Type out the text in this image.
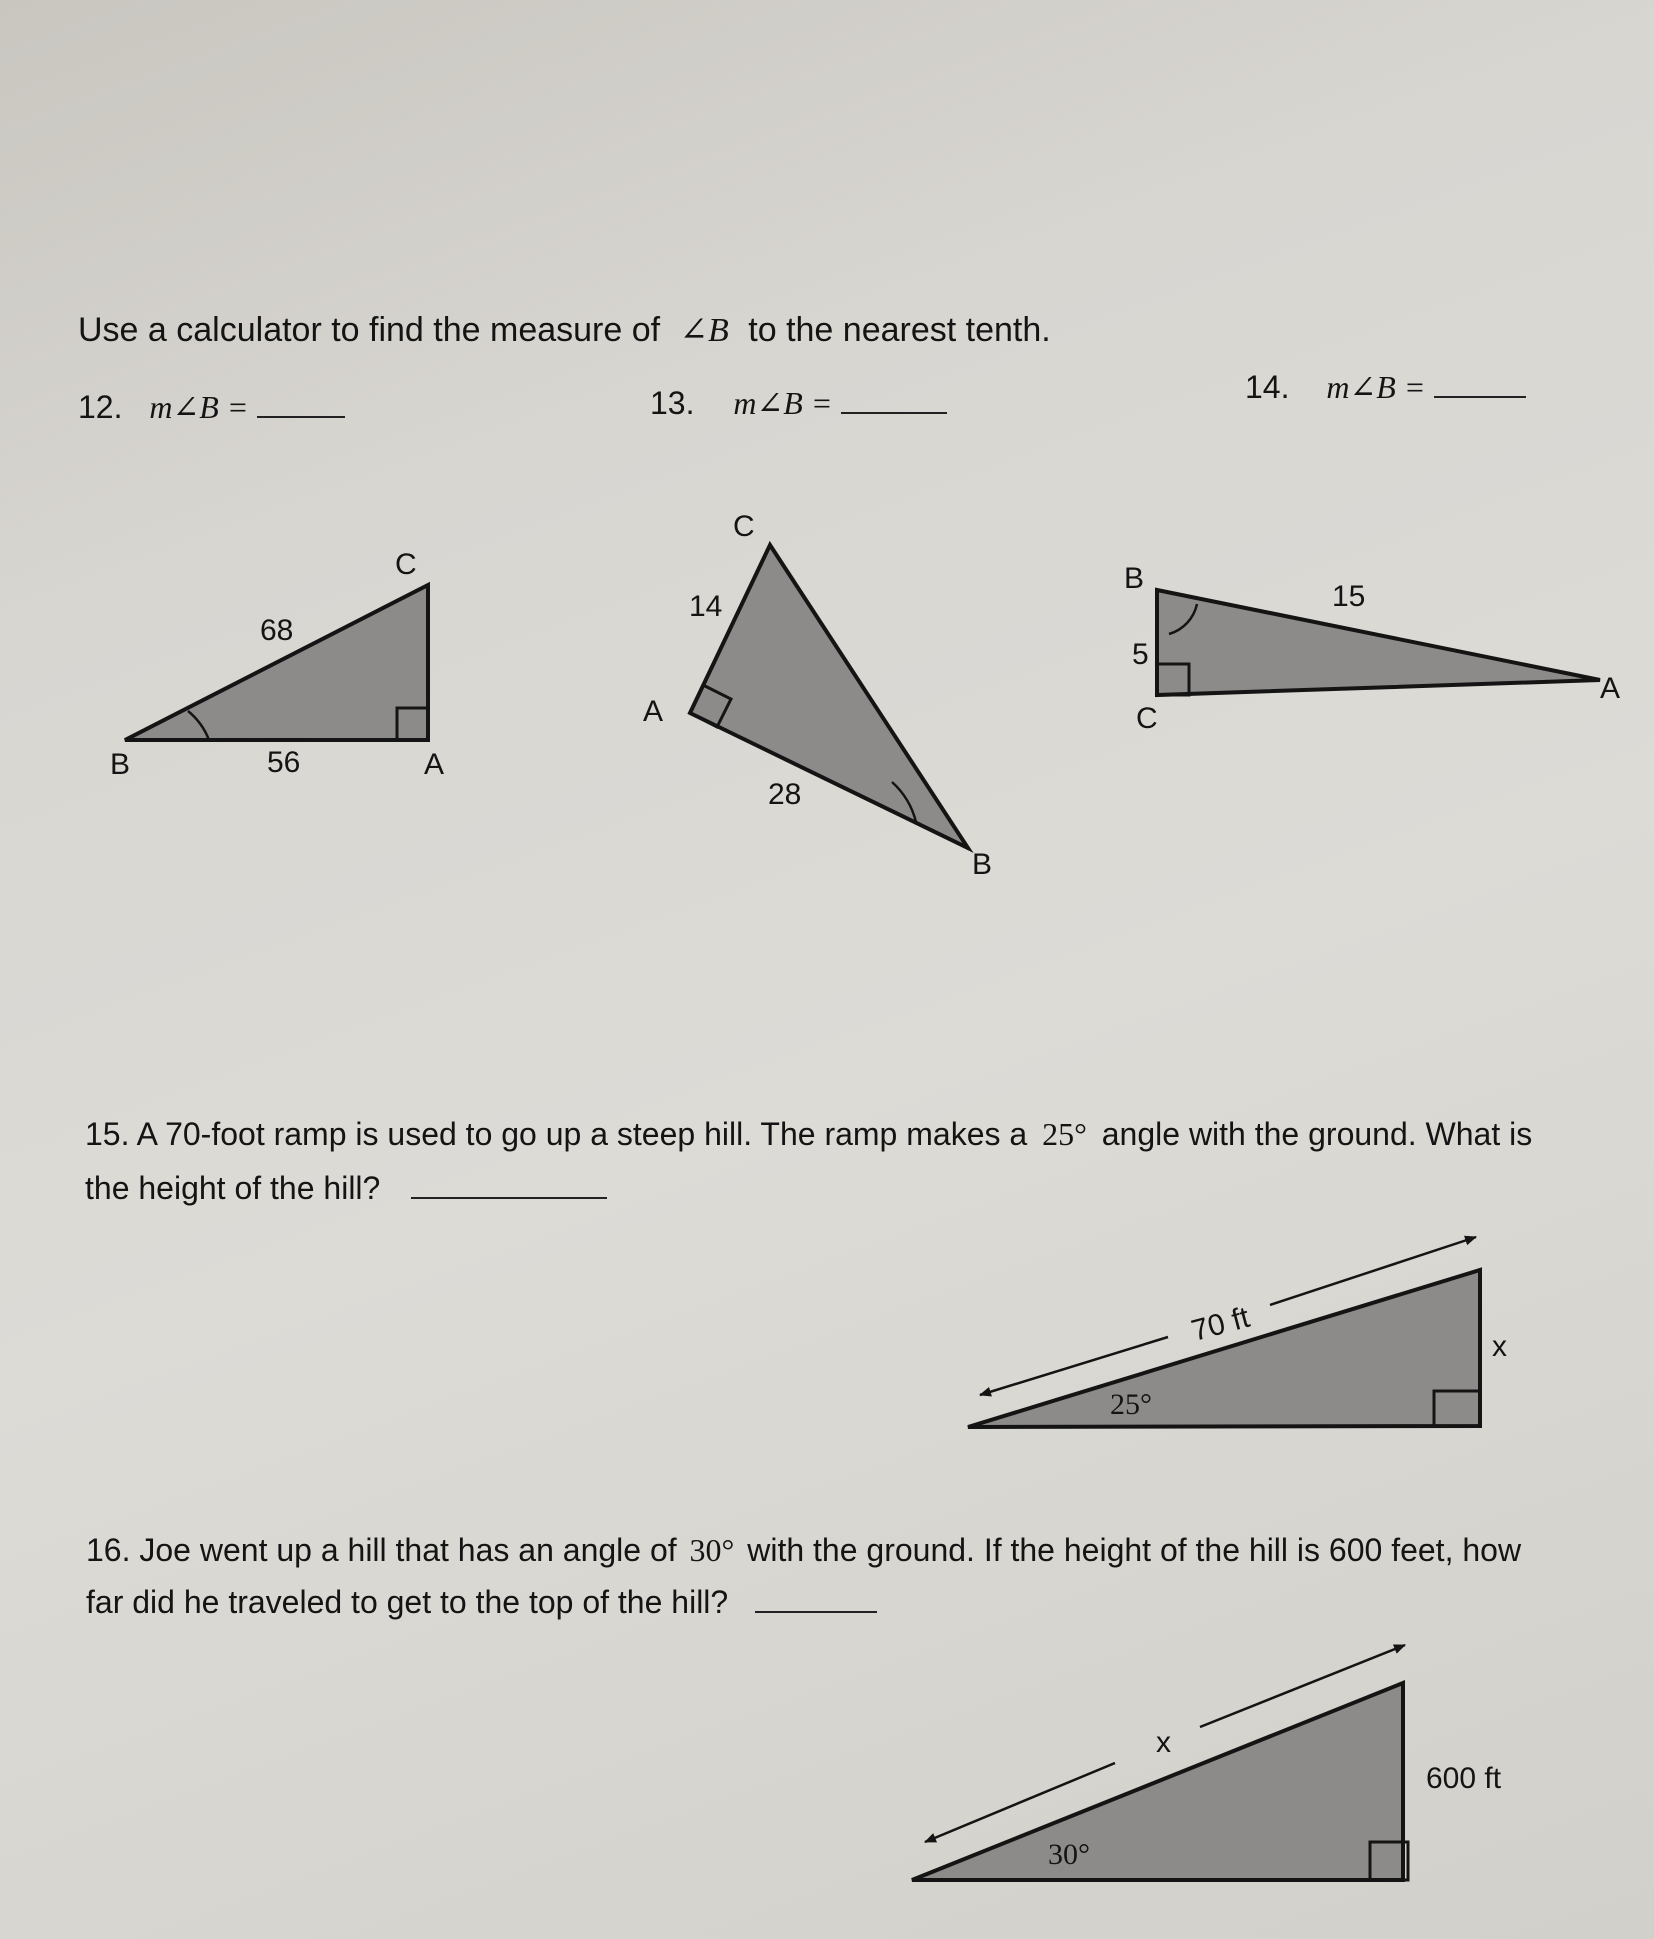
Use a calculator to find the measure of ∠B to the nearest tenth.
12. m∠B =	13. m∠B =	14. m∠B =
C
68
B	56	A
C
14
A
28
B
B
15
5
C
A
15. A 70-foot ramp is used to go up a steep hill. The ramp makes a 25° angle with the ground. What is
the height of the hill?
70 ft
25°
x
16. Joe went up a hill that has an angle of 30° with the ground. If the height of the hill is 600 feet, how
far did he traveled to get to the top of the hill?
x
30°
600 ft
